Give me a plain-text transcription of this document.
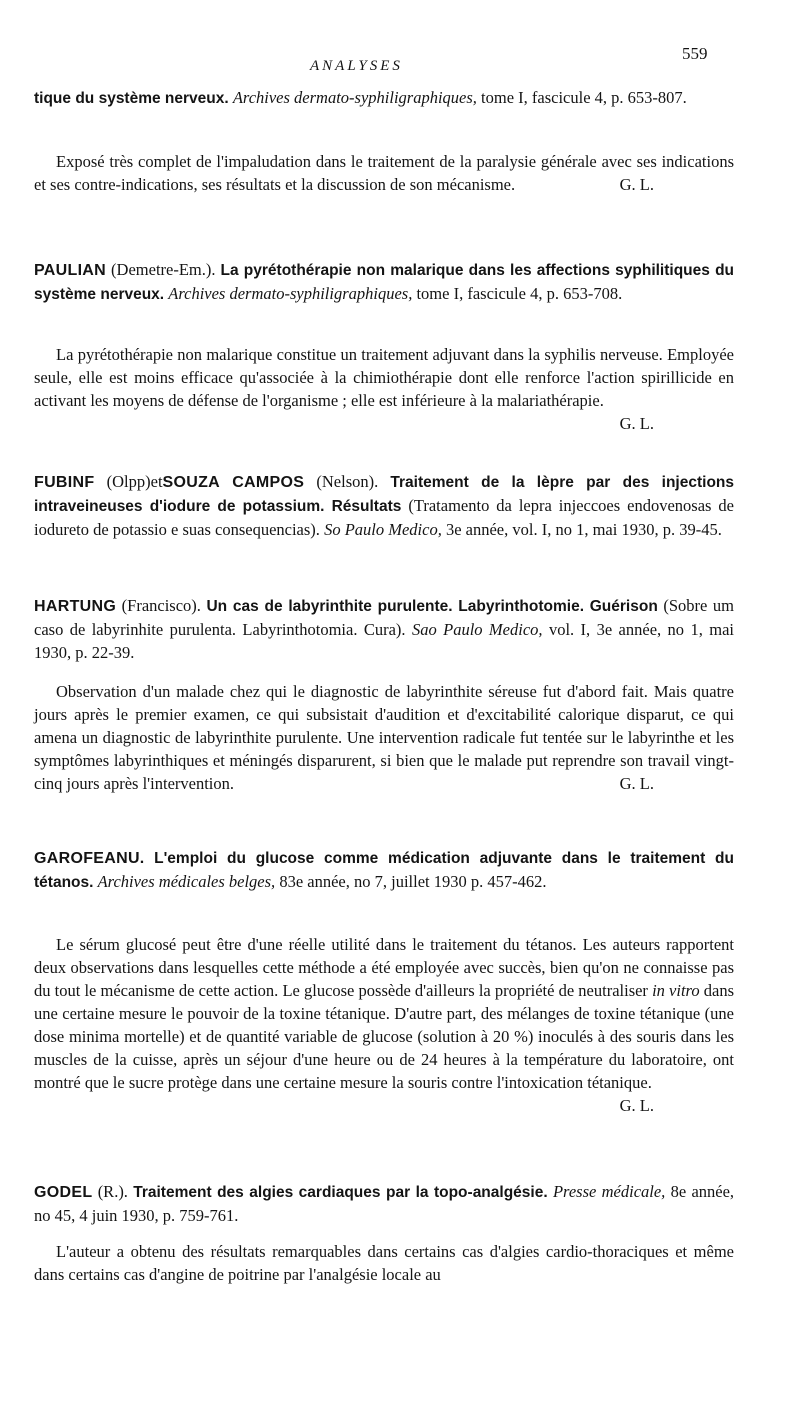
ANALYSES
559

tique du système nerveux. Archives dermato-syphiligraphiques, tome I, fascicule 4, p. 653-807.

Exposé très complet de l'impaludation dans le traitement de la paralysie générale avec ses indications et ses contre-indications, ses résultats et la discussion de son mécanisme.	G. L.

PAULIAN (Demetre-Em.). La pyrétothérapie non malarique dans les affections syphilitiques du système nerveux. Archives dermato-syphiligraphiques, tome I, fascicule 4, p. 653-708.

La pyrétothérapie non malarique constitue un traitement adjuvant dans la syphilis nerveuse. Employée seule, elle est moins efficace qu'associée à la chimiothérapie dont elle renforce l'action spirillicide en activant les moyens de défense de l'organisme ; elle est inférieure à la malariathérapie.
G. L.

FUBINF (Olpp)etSOUZA CAMPOS (Nelson). Traitement de la lèpre par des injections intraveineuses d'iodure de potassium. Résultats (Tratamento da lepra injeccoes endovenosas de iodureto de potassio e suas consequencias). So Paulo Medico, 3e année, vol. I, no 1, mai 1930, p. 39-45.

HARTUNG (Francisco). Un cas de labyrinthite purulente. Labyrinthotomie. Guérison (Sobre um caso de labyrinhite purulenta. Labyrinthotomia. Cura). Sao Paulo Medico, vol. I, 3e année, no 1, mai 1930, p. 22-39.

Observation d'un malade chez qui le diagnostic de labyrinthite séreuse fut d'abord fait. Mais quatre jours après le premier examen, ce qui subsistait d'audition et d'excitabilité calorique disparut, ce qui amena un diagnostic de labyrinthite purulente. Une intervention radicale fut tentée sur le labyrinthe et les symptômes labyrinthiques et méningés disparurent, si bien que le malade put reprendre son travail vingt-cinq jours après l'intervention.	G. L.

GAROFEANU. L'emploi du glucose comme médication adjuvante dans le traitement du tétanos. Archives médicales belges, 83e année, no 7, juillet 1930 p. 457-462.

Le sérum glucosé peut être d'une réelle utilité dans le traitement du tétanos. Les auteurs rapportent deux observations dans lesquelles cette méthode a été employée avec succès, bien qu'on ne connaisse pas du tout le mécanisme de cette action. Le glucose possède d'ailleurs la propriété de neutraliser in vitro dans une certaine mesure le pouvoir de la toxine tétanique. D'autre part, des mélanges de toxine tétanique (une dose minima mortelle) et de quantité variable de glucose (solution à 20 %) inoculés à des souris dans les muscles de la cuisse, après un séjour d'une heure ou de 24 heures à la température du laboratoire, ont montré que le sucre protège dans une certaine mesure la souris contre l'intoxication tétanique.
G. L.

GODEL (R.). Traitement des algies cardiaques par la topo-analgésie. Presse médicale, 8e année, no 45, 4 juin 1930, p. 759-761.

L'auteur a obtenu des résultats remarquables dans certains cas d'algies cardio-thoraciques et même dans certains cas d'angine de poitrine par l'analgésie locale au
